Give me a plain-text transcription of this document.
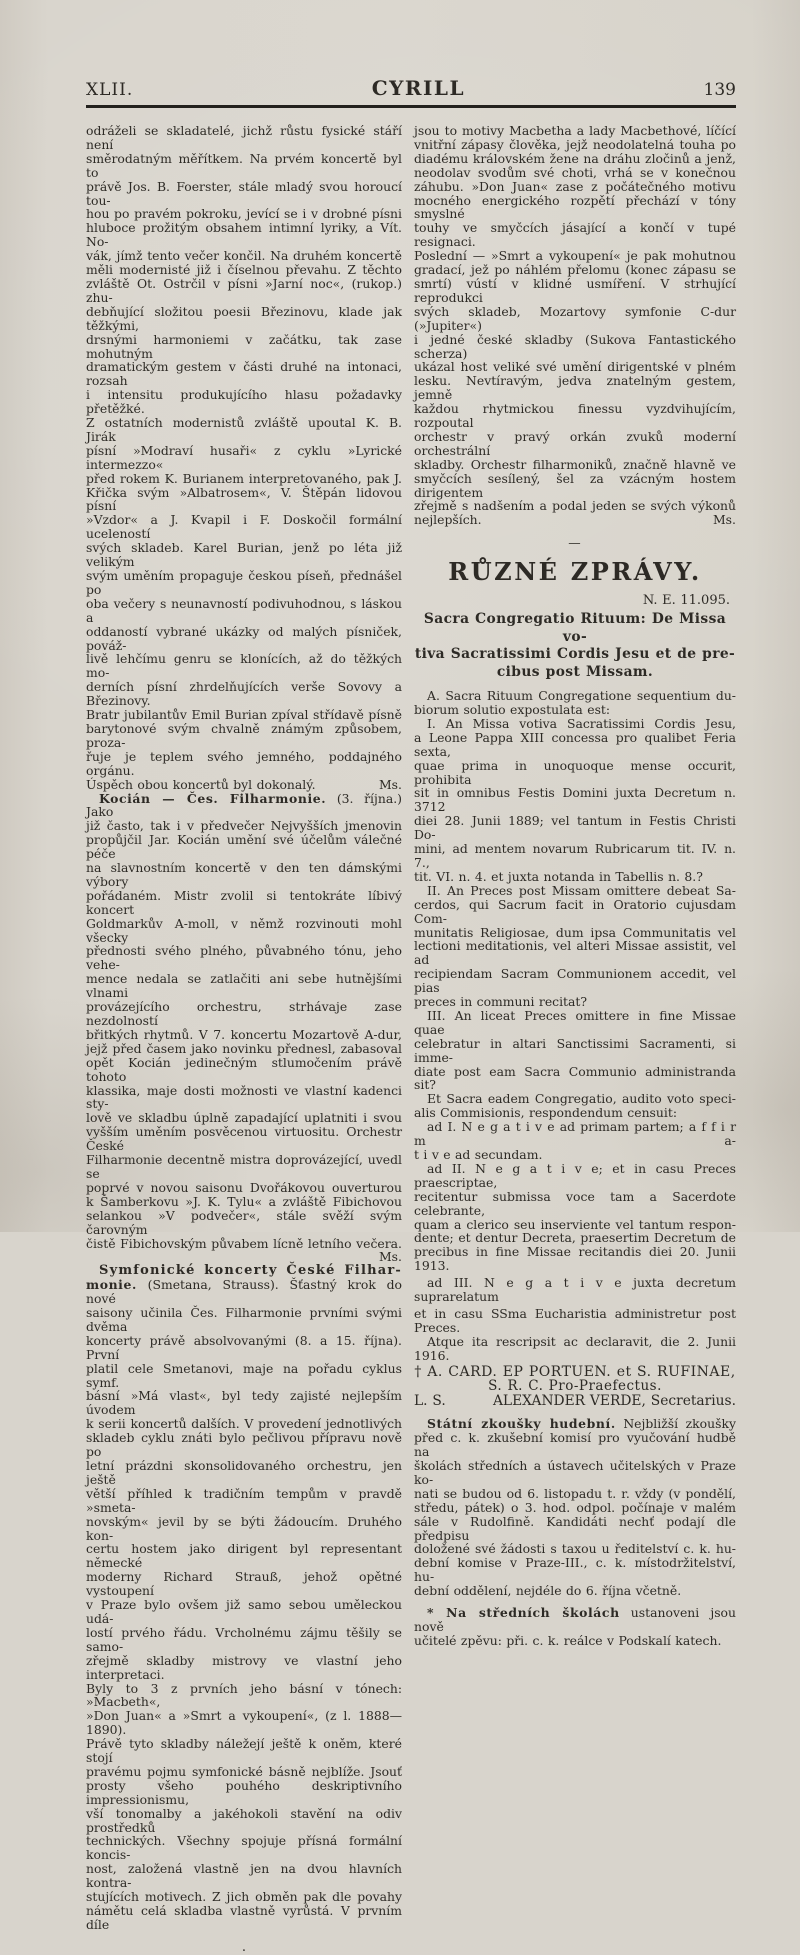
XLII.	CYRILL	139
odráželi se skladatelé, jichž růstu fysické stáří není
směrodatným měřítkem. Na prvém koncertě byl to
právě Jos. B. Foerster, stále mladý svou horoucí tou-
hou po pravém pokroku, jevící se i v drobné písni
hluboce prožitým obsahem intimní lyriky, a Vít. No-
vák, jímž tento večer končil. Na druhém koncertě
měli modernisté již i číselnou převahu. Z těchto
zvláště Ot. Ostrčil v písni »Jarní noc«, (rukop.) zhu-
debňující složitou poesii Březinovu, klade jak těžkými,
drsnými harmoniemi v začátku, tak zase mohutným
dramatickým gestem v části druhé na intonaci, rozsah
i intensitu produkujícího hlasu požadavky přetěžké.
Z ostatních modernistů zvláště upoutal K. B. Jirák
písní »Modraví husaři« z cyklu »Lyrické intermezzo«
před rokem K. Burianem interpretovaného, pak J.
Křička svým »Albatrosem«, V. Štěpán lidovou písní
»Vzdor« a J. Kvapil i F. Doskočil formální uceleností
svých skladeb. Karel Burian, jenž po léta již velikým
svým uměním propaguje českou píseň, přednášel po
oba večery s neunavností podivuhodnou, s láskou a
oddaností vybrané ukázky od malých písniček, pováž-
livě lehčímu genru se klonících, až do těžkých mo-
derních písní zhrdelňujících verše Sovovy a Březinovy.
Bratr jubilantův Emil Burian zpíval střídavě písně
barytonové svým chvalně známým způsobem, proza-
řuje je teplem svého jemného, poddajného orgánu.
Úspěch obou koncertů byl dokonalý.	Ms.
Kocián — Čes. Filharmonie. (3. října.) Jako
již často, tak i v předvečer Nejvyšších jmenovin
propůjčil Jar. Kocián umění své účelům válečné péče
na slavnostním koncertě v den ten dámskými výbory
pořádaném. Mistr zvolil si tentokráte líbivý koncert
Goldmarkův A-moll, v němž rozvinouti mohl všecky
přednosti svého plného, půvabného tónu, jeho vehe-
mence nedala se zatlačiti ani sebe hutnějšími vlnami
provázejícího orchestru, strhávaje zase nezdolností
břitkých rhytmů. V 7. koncertu Mozartově A-dur,
jejž před časem jako novinku přednesl, zabasoval
opět Kocián jedinečným stlumočením právě tohoto
klassika, maje dosti možnosti ve vlastní kadenci sty-
lově ve skladbu úplně zapadající uplatniti i svou
vyšším uměním posvěcenou virtuositu. Orchestr České
Filharmonie decentně mistra doprovázející, uvedl se
poprvé v novou saisonu Dvořákovou ouverturou
k Šamberkovu »J. K. Tylu« a zvláště Fibichovou
selankou »V podvečer«, stále svěží svým čarovným
čistě Fibichovským půvabem lícně letního večera.
Ms.
Symfonické koncerty České Filhar-
monie. (Smetana, Strauss). Šťastný krok do nové
saisony učinila Čes. Filharmonie prvními svými dvěma
koncerty právě absolvovanými (8. a 15. října). První
platil cele Smetanovi, maje na pořadu cyklus symf.
básní »Má vlast«, byl tedy zajisté nejlepším úvodem
k serii koncertů dalších. V provedení jednotlivých
skladeb cyklu znáti bylo pečlivou přípravu nově po
letní prázdni skonsolidovaného orchestru, jen ještě
větší příhled k tradičním tempům v pravdě »smeta-
novským« jevil by se býti žádoucím. Druhého kon-
certu hostem jako dirigent byl representant německé
moderny Richard Strauß, jehož opětné vystoupení
v Praze bylo ovšem již samo sebou uměleckou udá-
lostí prvého řádu. Vrcholnému zájmu těšily se samo-
zřejmě skladby mistrovy ve vlastní jeho interpretaci.
Byly to 3 z prvních jeho básní v tónech: »Macbeth«,
»Don Juan« a »Smrt a vykoupení«, (z l. 1888—1890).
Právě tyto skladby náležejí ještě k oněm, které stojí
pravému pojmu symfonické básně nejblíže. Jsouť
prosty všeho pouhého deskriptivního impressionismu,
vší tonomalby a jakéhokoli stavění na odiv prostředků
technických. Všechny spojuje přísná formální koncis-
nost, založená vlastně jen na dvou hlavních kontra-
stujících motivech. Z jich obměn pak dle povahy
námětu celá skladba vlastně vyrůstá. V prvním díle
.
jsou to motivy Macbetha a lady Macbethové, líčící
vnitřní zápasy člověka, jejž neodolatelná touha po
diadému královském žene na dráhu zločinů a jenž,
neodolav svodům své choti, vrhá se v konečnou
záhubu. »Don Juan« zase z počátečného motivu
mocného energického rozpětí přechází v tóny smyslné
touhy ve smyčcích jásající a končí v tupé resignaci.
Poslední — »Smrt a vykoupení« je pak mohutnou
gradací, jež po náhlém přelomu (konec zápasu se
smrtí) vústí v klidné usmíření. V strhující reprodukci
svých skladeb, Mozartovy symfonie C-dur (»Jupiter«)
i jedné české skladby (Sukova Fantastického scherza)
ukázal host veliké své umění dirigentské v plném
lesku. Nevtíravým, jedva znatelným gestem, jemně
každou rhytmickou finessu vyzdvihujícím, rozpoutal
orchestr v pravý orkán zvuků moderní orchestrální
skladby. Orchestr filharmoniků, značně hlavně ve
smyčcích sesílený, šel za vzácným hostem dirigentem
zřejmě s nadšením a podal jeden se svých výkonů
nejlepších.	Ms.
—
RŮZNÉ ZPRÁVY.
N. E. 11.095.
Sacra Congregatio Rituum: De Missa vo-
tiva Sacratissimi Cordis Jesu et de pre-
cibus post Missam.
A. Sacra Rituum Congregatione sequentium du-
biorum solutio expostulata est:
I. An Missa votiva Sacratissimi Cordis Jesu,
a Leone Pappa XIII concessa pro qualibet Feria sexta,
quae prima in unoquoque mense occurit, prohibita
sit in omnibus Festis Domini juxta Decretum n. 3712
diei 28. Junii 1889; vel tantum in Festis Christi Do-
mini, ad mentem novarum Rubricarum tit. IV. n. 7.,
tit. VI. n. 4. et juxta notanda in Tabellis n. 8.?
II. An Preces post Missam omittere debeat Sa-
cerdos, qui Sacrum facit in Oratorio cujusdam Com-
munitatis Religiosae, dum ipsa Communitatis vel
lectioni meditationis, vel alteri Missae assistit, vel ad
recipiendam Sacram Communionem accedit, vel pias
preces in communi recitat?
III. An liceat Preces omittere in fine Missae quae
celebratur in altari Sanctissimi Sacramenti, si imme-
diate post eam Sacra Communio administranda sit?
Et Sacra eadem Congregatio, audito voto speci-
alis Commisionis, respondendum censuit:
ad I. N e g a t i v e ad primam partem; a f f i r m a-
t i v e ad secundam.
ad II. N e g a t i v e; et in casu Preces praescriptae,
recitentur submissa voce tam a Sacerdote celebrante,
quam a clerico seu inserviente vel tantum respon-
dente; et dentur Decreta, praesertim Decretum de
precibus in fine Missae recitandis diei 20. Junii 1913.
ad III. N e g a t i v e juxta decretum suprarelatum
et in casu SSma Eucharistia administretur post Preces.
Atque ita rescripsit ac declaravit, die 2. Junii 1916.
† A. CARD. EP PORTUEN. et S. RUFINAE,
S. R. C. Pro-Praefectus.
L. S.	ALEXANDER VERDE, Secretarius.
Státní zkoušky hudební. Nejbližší zkoušky
před c. k. zkušební komisí pro vyučování hudbě na
školách středních a ústavech učitelských v Praze ko-
nati se budou od 6. listopadu t. r. vždy (v pondělí,
středu, pátek) o 3. hod. odpol. počínaje v malém
sále v Rudolfině. Kandidáti nechť podají dle předpisu
doložené své žádosti s taxou u ředitelství c. k. hu-
dební komise v Praze-III., c. k. místodržitelství, hu-
dební oddělení, nejdéle do 6. října včetně.
* Na středních školách ustanoveni jsou nově
učitelé zpěvu: při. c. k. reálce v Podskalí katech.
